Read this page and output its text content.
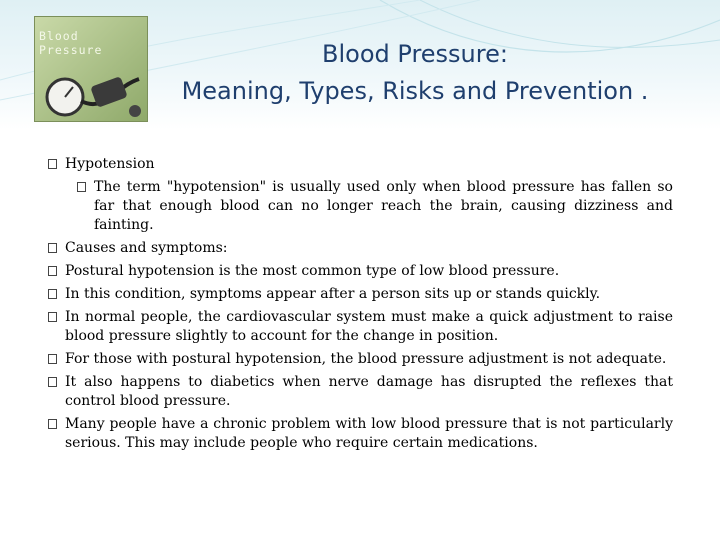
Blood
Pressure	Blood Pressure:
Meaning, Types, Risks and Prevention .
Hypotension
The term "hypotension" is usually used only when blood pressure has fallen so far that enough blood can no longer reach the brain, causing dizziness and fainting.
Causes and symptoms:
Postural hypotension is the most common type of low blood pressure.
In this condition, symptoms appear after a person sits up or stands quickly.
In normal people, the cardiovascular system must make a quick adjustment to raise blood pressure slightly to account for the change in position.
For those with postural hypotension, the blood pressure adjustment is not adequate.
It also happens to diabetics when nerve damage has disrupted the reflexes that control blood pressure.
Many people have a chronic problem with low blood pressure that is not particularly serious. This may include people who require certain medications.
